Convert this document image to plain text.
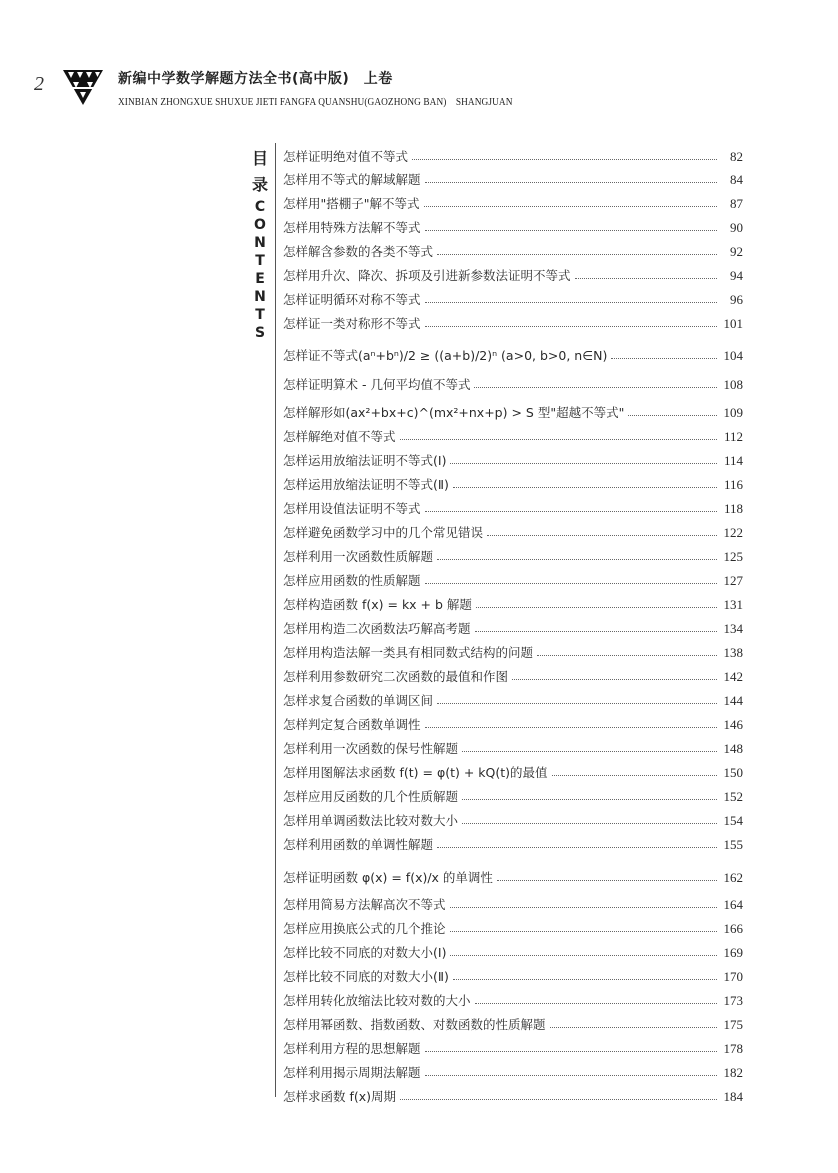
2	新编中学数学解题方法全书(高中版)　上卷
XINBIAN ZHONGXUE SHUXUE JIETI FANGFA QUANSHU(GAOZHONG BAN)　SHANGJUAN
目
录
C
O
N
T
E
N
T
S
怎样证明绝对值不等式	82
怎样用不等式的解域解题	84
怎样用"搭棚子"解不等式	87
怎样用特殊方法解不等式	90
怎样解含参数的各类不等式	92
怎样用升次、降次、拆项及引进新参数法证明不等式	94
怎样证明循环对称不等式	96
怎样证一类对称形不等式	101
怎样证不等式(aⁿ+bⁿ)/2 ≥ ((a+b)/2)ⁿ (a>0, b>0, n∈N)	104
怎样证明算术 - 几何平均值不等式	108
怎样解形如(ax²+bx+c)^(mx²+nx+p) > S 型"超越不等式"	109
怎样解绝对值不等式	112
怎样运用放缩法证明不等式(Ⅰ)	114
怎样运用放缩法证明不等式(Ⅱ)	116
怎样用设值法证明不等式	118
怎样避免函数学习中的几个常见错误	122
怎样利用一次函数性质解题	125
怎样应用函数的性质解题	127
怎样构造函数 f(x) = kx + b 解题	131
怎样用构造二次函数法巧解高考题	134
怎样用构造法解一类具有相同数式结构的问题	138
怎样利用参数研究二次函数的最值和作图	142
怎样求复合函数的单调区间	144
怎样判定复合函数单调性	146
怎样利用一次函数的保号性解题	148
怎样用图解法求函数 f(t) = φ(t) + kQ(t)的最值	150
怎样应用反函数的几个性质解题	152
怎样用单调函数法比较对数大小	154
怎样利用函数的单调性解题	155
怎样证明函数 φ(x) = f(x)/x 的单调性	162
怎样用简易方法解高次不等式	164
怎样应用换底公式的几个推论	166
怎样比较不同底的对数大小(Ⅰ)	169
怎样比较不同底的对数大小(Ⅱ)	170
怎样用转化放缩法比较对数的大小	173
怎样用幂函数、指数函数、对数函数的性质解题	175
怎样利用方程的思想解题	178
怎样利用揭示周期法解题	182
怎样求函数 f(x)周期	184
